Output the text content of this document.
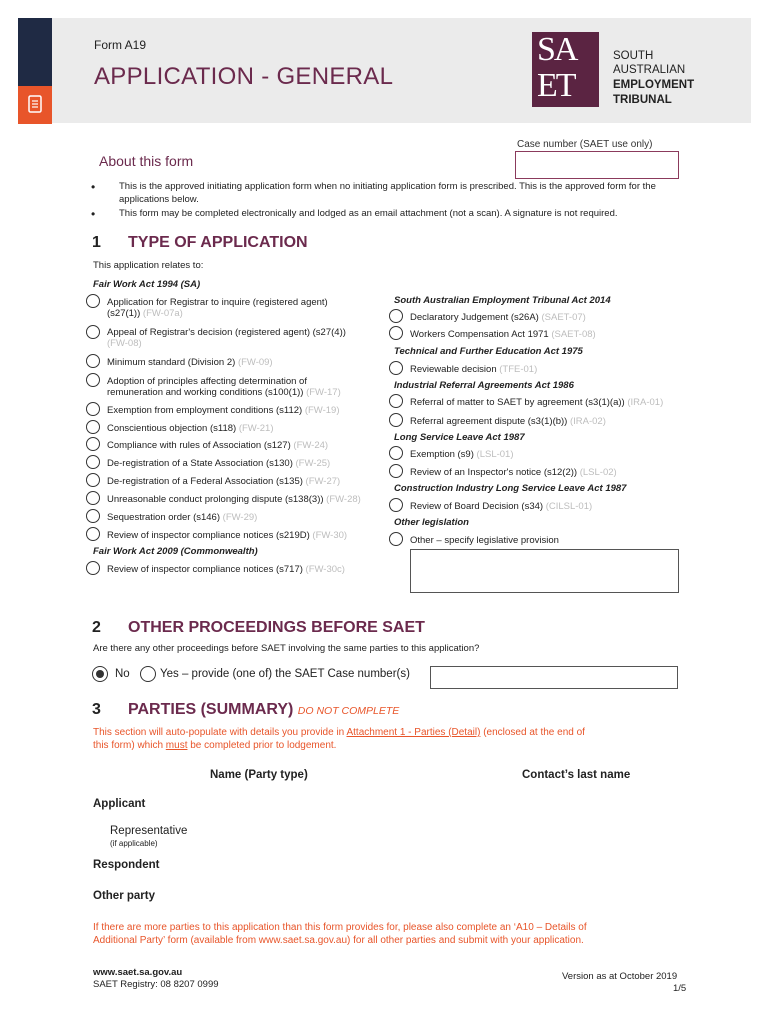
Form A19
APPLICATION - GENERAL
SA
ET
SOUTH
AUSTRALIAN
EMPLOYMENT
TRIBUNAL
Case number (SAET use only)
About this form
•	This is the approved initiating application form when no initiating application form is prescribed. This is the approved form for the applications below.
•	This form may be completed electronically and lodged as an email attachment (not a scan). A signature is not required.
1 TYPE OF APPLICATION
This application relates to:
Fair Work Act 1994 (SA)
Application for Registrar to inquire (registered agent)
(s27(1)) (FW-07a)
Appeal of Registrar's decision (registered agent) (s27(4))
(FW-08)
Minimum standard (Division 2) (FW-09)
Adoption of principles affecting determination of
remuneration and working conditions (s100(1)) (FW-17)
Exemption from employment conditions (s112) (FW-19)
Conscientious objection (s118) (FW-21)
Compliance with rules of Association (s127) (FW-24)
De-registration of a State Association (s130) (FW-25)
De-registration of a Federal Association (s135) (FW-27)
Unreasonable conduct prolonging dispute (s138(3)) (FW-28)
Sequestration order (s146) (FW-29)
Review of inspector compliance notices (s219D) (FW-30)
Fair Work Act 2009 (Commonwealth)
Review of inspector compliance notices (s717) (FW-30c)
South Australian Employment Tribunal Act 2014
Declaratory Judgement (s26A) (SAET-07)
Workers Compensation Act 1971 (SAET-08)
Technical and Further Education Act 1975
Reviewable decision (TFE-01)
Industrial Referral Agreements Act 1986
Referral of matter to SAET by agreement (s3(1)(a)) (IRA-01)
Referral agreement dispute (s3(1)(b)) (IRA-02)
Long Service Leave Act 1987
Exemption (s9) (LSL-01)
Review of an Inspector's notice (s12(2)) (LSL-02)
Construction Industry Long Service Leave Act 1987
Review of Board Decision (s34) (CILSL-01)
Other legislation
Other – specify legislative provision
2 OTHER PROCEEDINGS BEFORE SAET
Are there any other proceedings before SAET involving the same parties to this application?
No	Yes – provide (one of) the SAET Case number(s)
3 PARTIES (SUMMARY) DO NOT COMPLETE
This section will auto-populate with details you provide in Attachment 1 - Parties (Detail) (enclosed at the end of
this form) which must be completed prior to lodgement.
Name (Party type)	Contact’s last name
Applicant
Representative
(if applicable)
Respondent
Other party
If there are more parties to this application than this form provides for, please also complete an ‘A10 – Details of
Additional Party’ form (available from www.saet.sa.gov.au) for all other parties and submit with your application.
www.saet.sa.gov.au
SAET Registry: 08 8207 0999
Version as at October 2019
1/5
